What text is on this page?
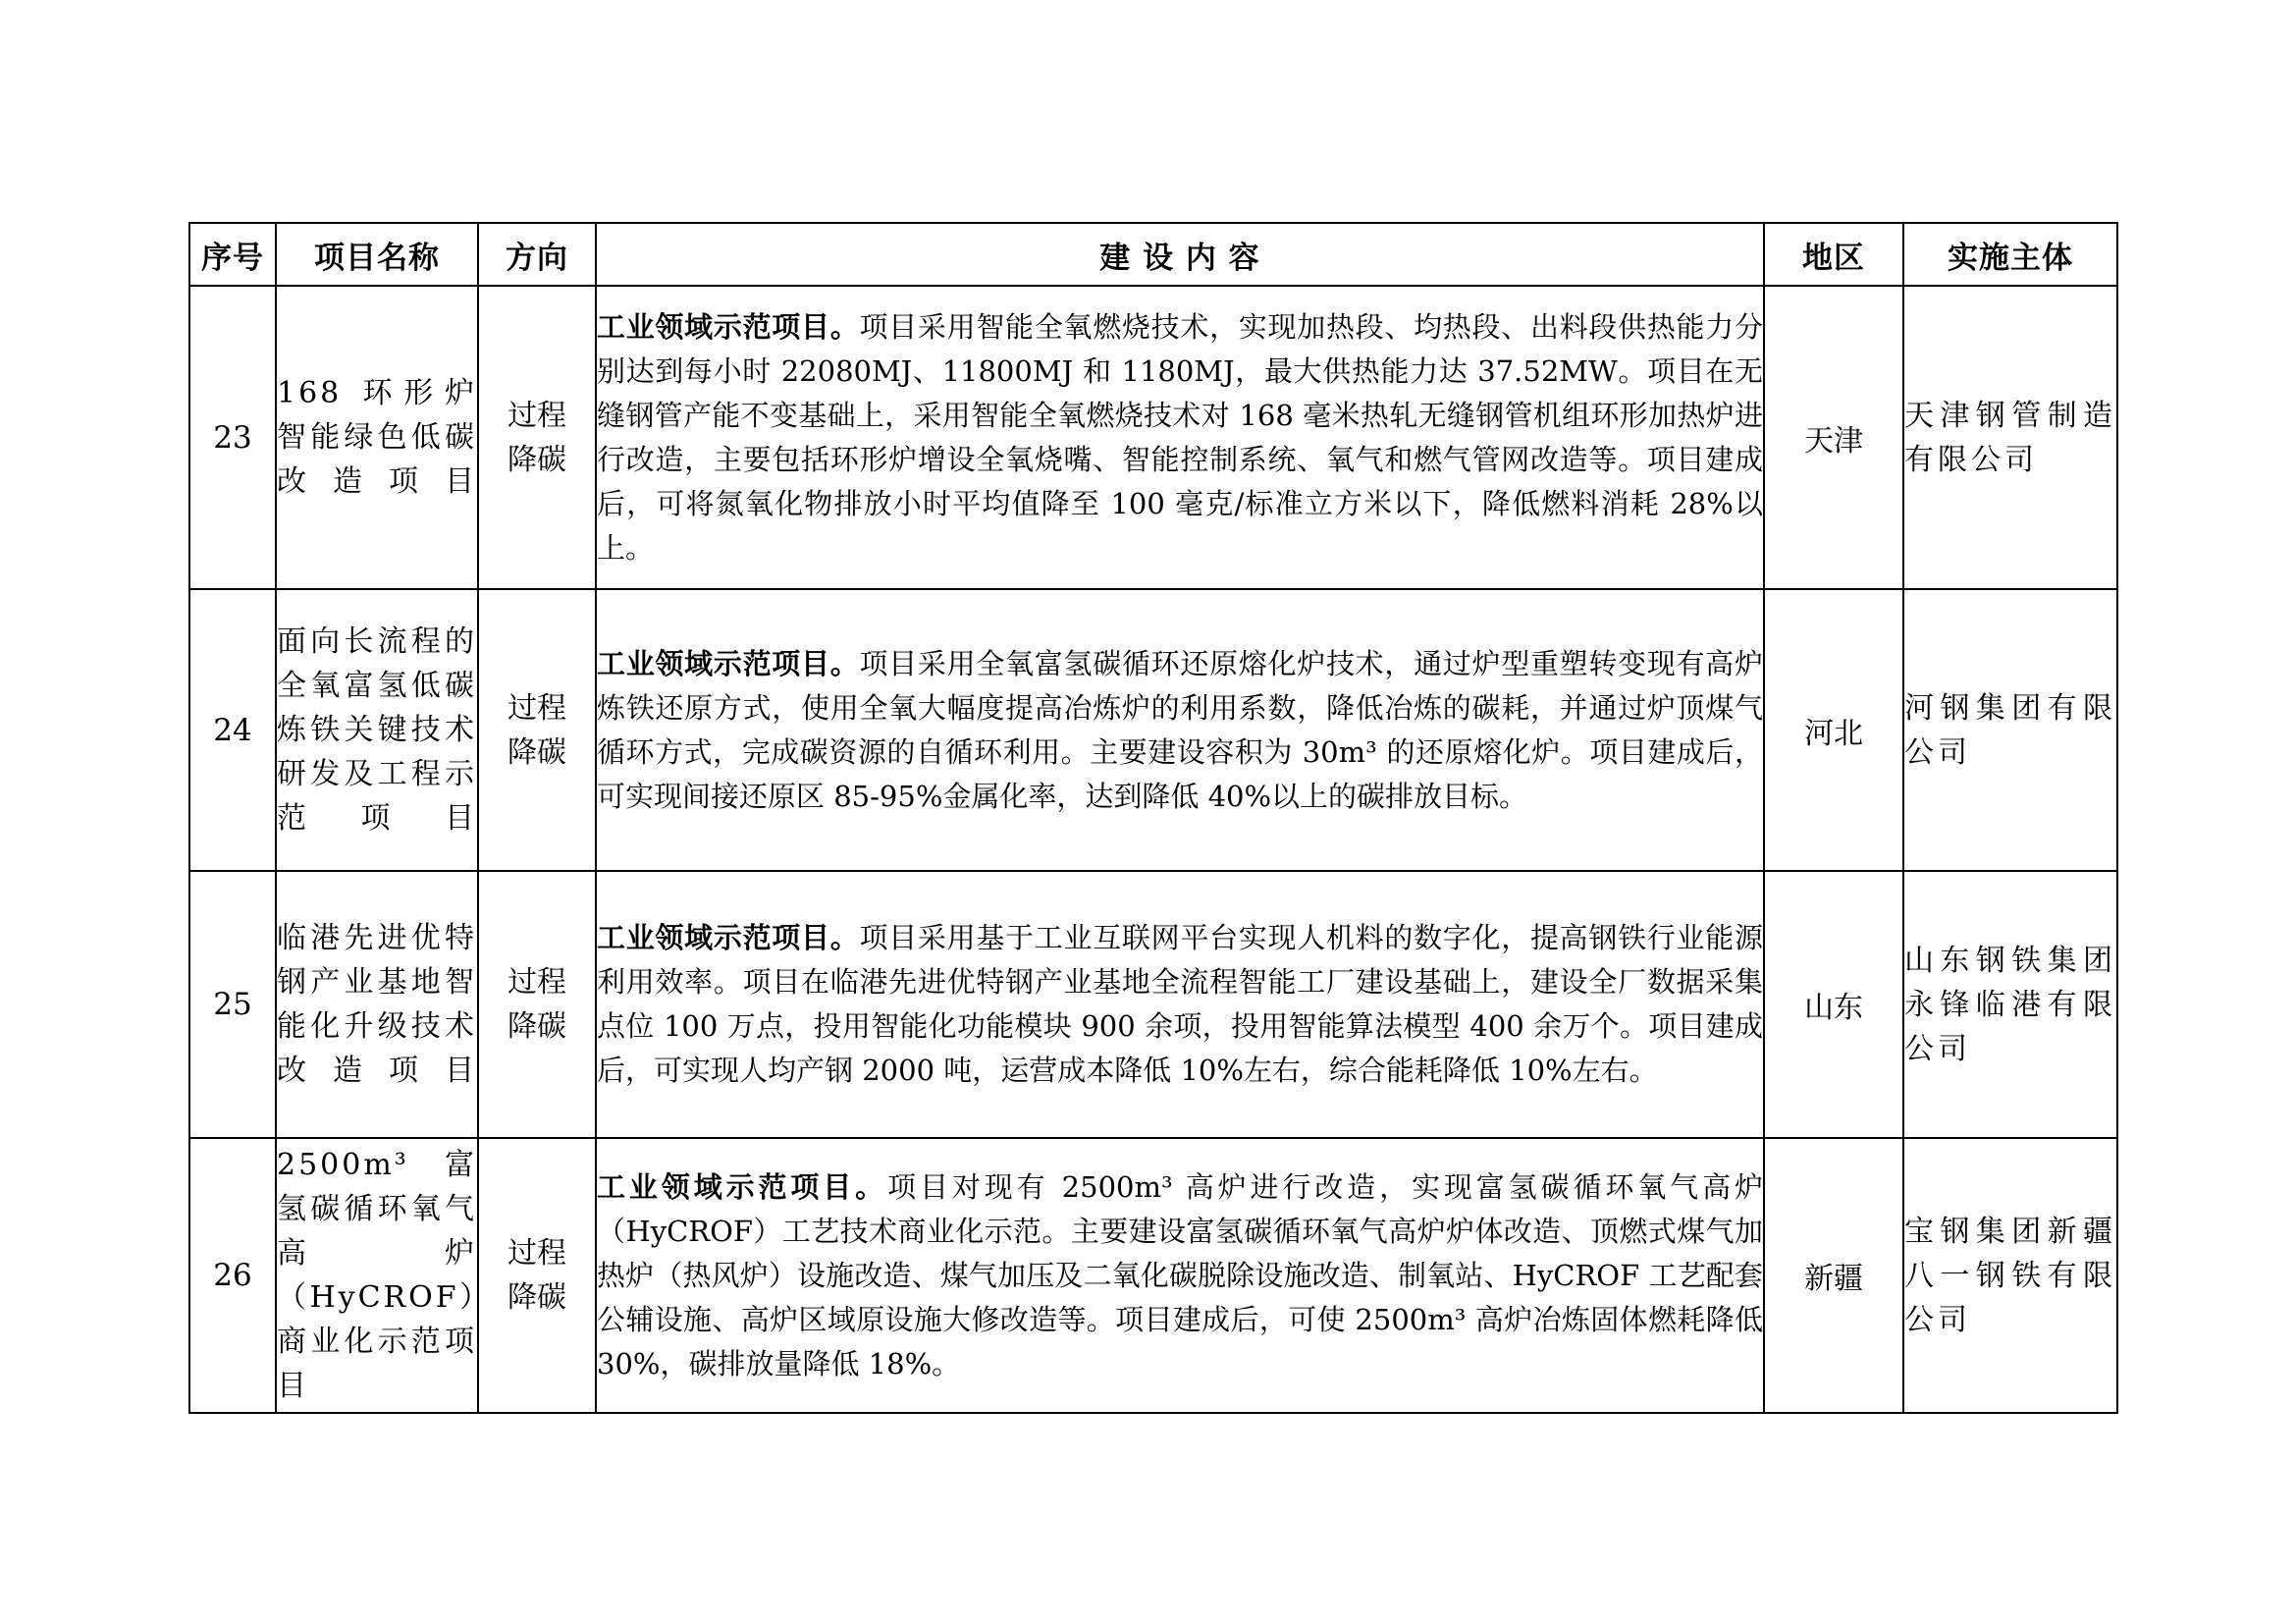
序号	项目名称	方向	建 设 内 容	地区	实施主体
23	168 环形炉智能绿色低碳改造项目	过程降碳	工业领域示范项目。项目采用智能全氧燃烧技术，实现加热段、均热段、出料段供热能力分别达到每小时 22080MJ、11800MJ 和 1180MJ，最大供热能力达 37.52MW。项目在无缝钢管产能不变基础上，采用智能全氧燃烧技术对 168 毫米热轧无缝钢管机组环形加热炉进行改造，主要包括环形炉增设全氧烧嘴、智能控制系统、氧气和燃气管网改造等。项目建成后，可将氮氧化物排放小时平均值降至 100 毫克/标准立方米以下，降低燃料消耗 28%以上。	天津	天津钢管制造有限公司

24	面向长流程的全氧富氢低碳炼铁关键技术研发及工程示范项目	过程降碳	工业领域示范项目。项目采用全氧富氢碳循环还原熔化炉技术，通过炉型重塑转变现有高炉炼铁还原方式，使用全氧大幅度提高冶炼炉的利用系数，降低冶炼的碳耗，并通过炉顶煤气循环方式，完成碳资源的自循环利用。主要建设容积为 30m³ 的还原熔化炉。项目建成后，可实现间接还原区 85-95%金属化率，达到降低 40%以上的碳排放目标。	河北	河钢集团有限公司

25	临港先进优特钢产业基地智能化升级技术改造项目	过程降碳	工业领域示范项目。项目采用基于工业互联网平台实现人机料的数字化，提高钢铁行业能源利用效率。项目在临港先进优特钢产业基地全流程智能工厂建设基础上，建设全厂数据采集点位 100 万点，投用智能化功能模块 900 余项，投用智能算法模型 400 余万个。项目建成后，可实现人均产钢 2000 吨，运营成本降低 10%左右，综合能耗降低 10%左右。	山东	山东钢铁集团永锋临港有限公司

26	2500m³ 富氢碳循环氧气高炉（HyCROF）商业化示范项目	过程降碳	工业领域示范项目。项目对现有 2500m³ 高炉进行改造，实现富氢碳循环氧气高炉（HyCROF）工艺技术商业化示范。主要建设富氢碳循环氧气高炉炉体改造、顶燃式煤气加热炉（热风炉）设施改造、煤气加压及二氧化碳脱除设施改造、制氧站、HyCROF 工艺配套公辅设施、高炉区域原设施大修改造等。项目建成后，可使 2500m³ 高炉冶炼固体燃耗降低 30%，碳排放量降低 18%。	新疆	宝钢集团新疆八一钢铁有限公司
